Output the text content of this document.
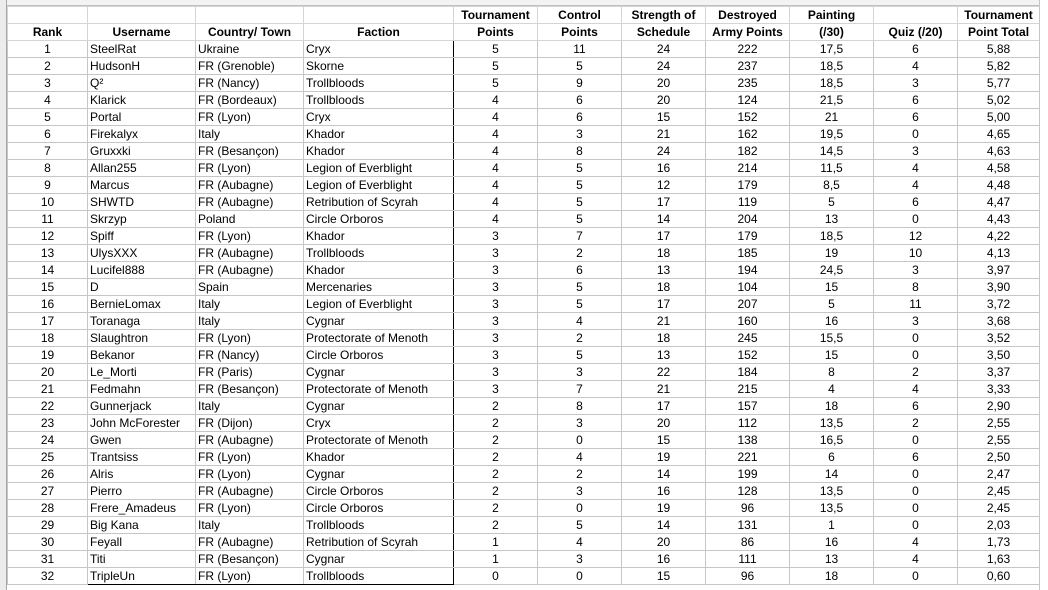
				Tournament	Control	Strength of	Destroyed	Painting		Tournament
Rank	Username	Country/ Town	Faction	Points	Points	Schedule	Army Points	(/30)	Quiz (/20)	Point Total
1	SteelRat	Ukraine	Cryx	5	11	24	222	17,5	6	5,88
2	HudsonH	FR (Grenoble)	Skorne	5	5	24	237	18,5	4	5,82
3	Q²	FR (Nancy)	Trollbloods	5	9	20	235	18,5	3	5,77
4	Klarick	FR (Bordeaux)	Trollbloods	4	6	20	124	21,5	6	5,02
5	Portal	FR (Lyon)	Cryx	4	6	15	152	21	6	5,00
6	Firekalyx	Italy	Khador	4	3	21	162	19,5	0	4,65
7	Gruxxki	FR (Besançon)	Khador	4	8	24	182	14,5	3	4,63
8	Allan255	FR (Lyon)	Legion of Everblight	4	5	16	214	11,5	4	4,58
9	Marcus	FR (Aubagne)	Legion of Everblight	4	5	12	179	8,5	4	4,48
10	SHWTD	FR (Aubagne)	Retribution of Scyrah	4	5	17	119	5	6	4,47
11	Skrzyp	Poland	Circle Orboros	4	5	14	204	13	0	4,43
12	Spiff	FR (Lyon)	Khador	3	7	17	179	18,5	12	4,22
13	UlysXXX	FR (Aubagne)	Trollbloods	3	2	18	185	19	10	4,13
14	Lucifel888	FR (Aubagne)	Khador	3	6	13	194	24,5	3	3,97
15	D	Spain	Mercenaries	3	5	18	104	15	8	3,90
16	BernieLomax	Italy	Legion of Everblight	3	5	17	207	5	11	3,72
17	Toranaga	Italy	Cygnar	3	4	21	160	16	3	3,68
18	Slaughtron	FR (Lyon)	Protectorate of Menoth	3	2	18	245	15,5	0	3,52
19	Bekanor	FR (Nancy)	Circle Orboros	3	5	13	152	15	0	3,50
20	Le_Morti	FR (Paris)	Cygnar	3	3	22	184	8	2	3,37
21	Fedmahn	FR (Besançon)	Protectorate of Menoth	3	7	21	215	4	4	3,33
22	Gunnerjack	Italy	Cygnar	2	8	17	157	18	6	2,90
23	John McForester	FR (Dijon)	Cryx	2	3	20	112	13,5	2	2,55
24	Gwen	FR (Aubagne)	Protectorate of Menoth	2	0	15	138	16,5	0	2,55
25	Trantsiss	FR (Lyon)	Khador	2	4	19	221	6	6	2,50
26	Alris	FR (Lyon)	Cygnar	2	2	14	199	14	0	2,47
27	Pierro	FR (Aubagne)	Circle Orboros	2	3	16	128	13,5	0	2,45
28	Frere_Amadeus	FR (Lyon)	Circle Orboros	2	0	19	96	13,5	0	2,45
29	Big Kana	Italy	Trollbloods	2	5	14	131	1	0	2,03
30	Feyall	FR (Aubagne)	Retribution of Scyrah	1	4	20	86	16	4	1,73
31	Titi	FR (Besançon)	Cygnar	1	3	16	111	13	4	1,63
32	TripleUn	FR (Lyon)	Trollbloods	0	0	15	96	18	0	0,60
